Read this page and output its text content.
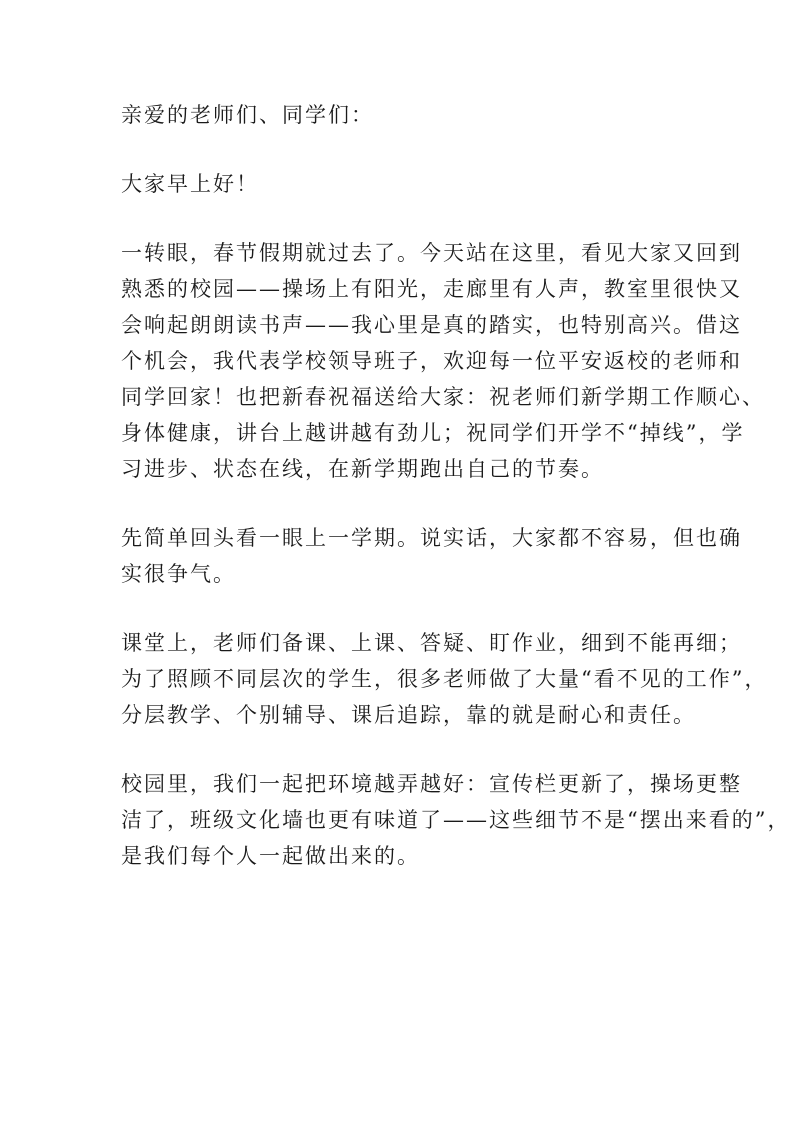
亲爱的老师们、同学们：

大家早上好！

一转眼，春节假期就过去了。今天站在这里，看见大家又回到
熟悉的校园——操场上有阳光，走廊里有人声，教室里很快又
会响起朗朗读书声——我心里是真的踏实，也特别高兴。借这
个机会，我代表学校领导班子，欢迎每一位平安返校的老师和
同学回家！也把新春祝福送给大家：祝老师们新学期工作顺心、
身体健康，讲台上越讲越有劲儿；祝同学们开学不“掉线”，学
习进步、状态在线，在新学期跑出自己的节奏。

先简单回头看一眼上一学期。说实话，大家都不容易，但也确
实很争气。

课堂上，老师们备课、上课、答疑、盯作业，细到不能再细；
为了照顾不同层次的学生，很多老师做了大量“看不见的工作”，
分层教学、个别辅导、课后追踪，靠的就是耐心和责任。

校园里，我们一起把环境越弄越好：宣传栏更新了，操场更整
洁了，班级文化墙也更有味道了——这些细节不是“摆出来看的”，
是我们每个人一起做出来的。
